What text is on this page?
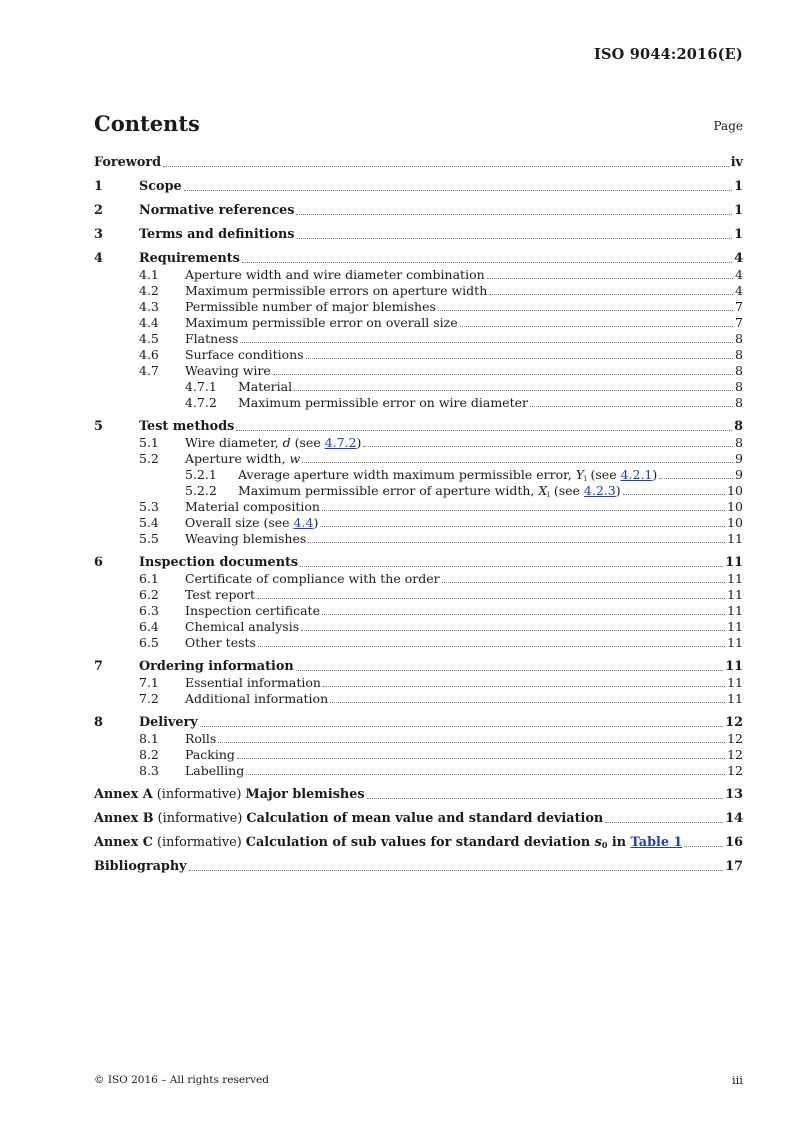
ISO 9044:2016(E)
Contents	Page
Foreword	iv
1	Scope	1
2	Normative references	1
3	Terms and definitions	1
4	Requirements	4
4.1	Aperture width and wire diameter combination	4
4.2	Maximum permissible errors on aperture width	4
4.3	Permissible number of major blemishes	7
4.4	Maximum permissible error on overall size	7
4.5	Flatness	8
4.6	Surface conditions	8
4.7	Weaving wire	8
4.7.1	Material	8
4.7.2	Maximum permissible error on wire diameter	8
5	Test methods	8
5.1	Wire diameter, d (see 4.7.2)	8
5.2	Aperture width, w	9
5.2.1	Average aperture width maximum permissible error, $Y_i$ (see 4.2.1)	9
5.2.2	Maximum permissible error of aperture width, $X_i$ (see 4.2.3)	10
5.3	Material composition	10
5.4	Overall size (see 4.4)	10
5.5	Weaving blemishes	11
6	Inspection documents	11
6.1	Certificate of compliance with the order	11
6.2	Test report	11
6.3	Inspection certificate	11
6.4	Chemical analysis	11
6.5	Other tests	11
7	Ordering information	11
7.1	Essential information	11
7.2	Additional information	11
8	Delivery	12
8.1	Rolls	12
8.2	Packing	12
8.3	Labelling	12
Annex A (informative) Major blemishes	13
Annex B (informative) Calculation of mean value and standard deviation	14
Annex C (informative) Calculation of sub values for standard deviation $s_0$ in Table 1	16
Bibliography	17
© ISO 2016 – All rights reserved	iii
